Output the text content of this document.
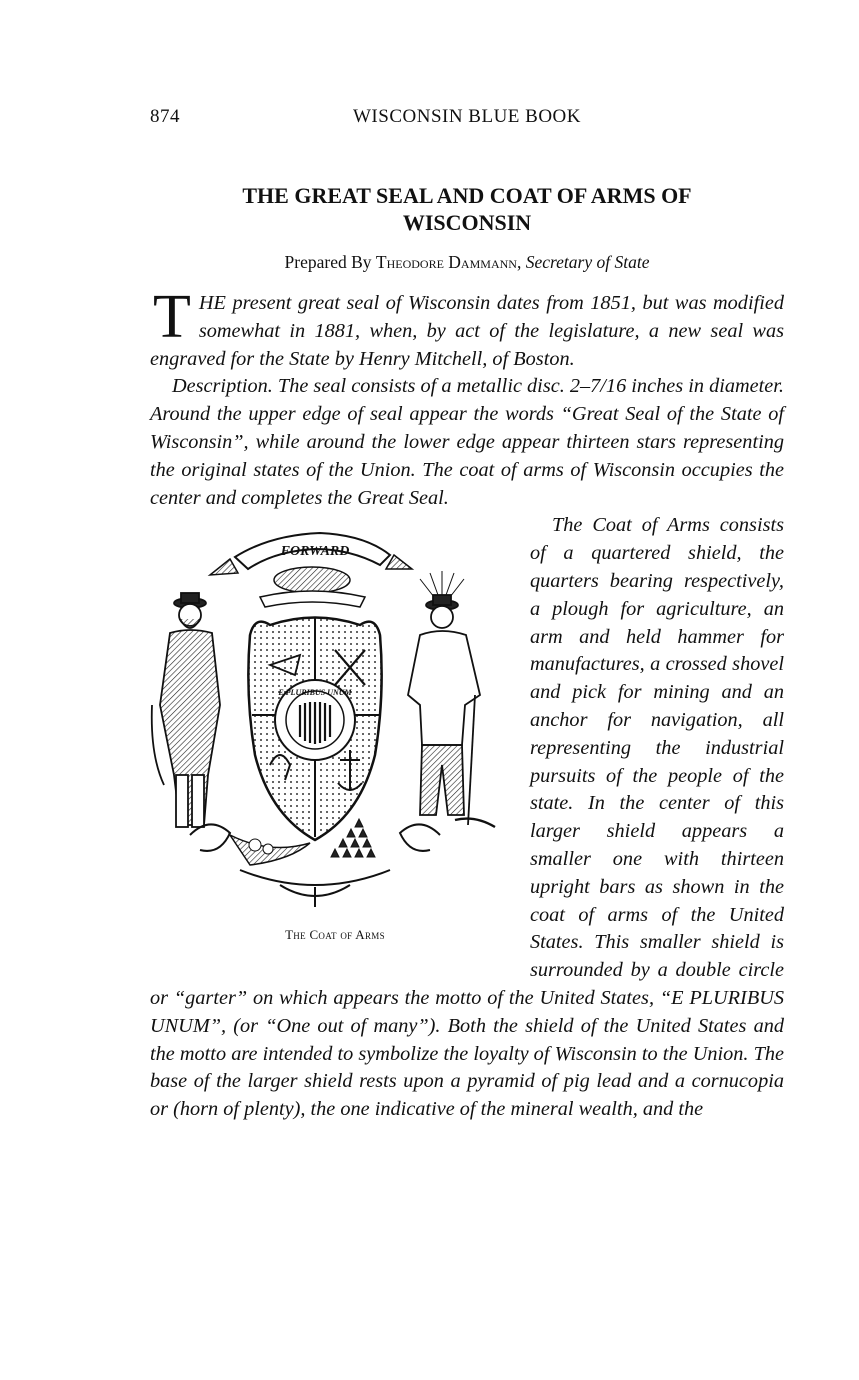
874	WISCONSIN BLUE BOOK
THE GREAT SEAL AND COAT OF ARMS OF
WISCONSIN

Prepared By Theodore Dammann, Secretary of State

THE present great seal of Wisconsin dates from 1851, but was modified somewhat in 1881, when, by act of the legislature, a new seal was engraved for the State by Henry Mitchell, of Boston.

Description. The seal consists of a metallic disc. 2–7/16 inches in diameter. Around the upper edge of seal appear the words “Great Seal of the State of Wisconsin”, while around the lower edge appear thirteen stars representing the original states of the Union. The coat of arms of Wisconsin occupies the center and completes the Great Seal.

FORWARD
E PLURIBUS UNUM
The Coat of Arms

The Coat of Arms consists of a quartered shield, the quarters bearing respectively, a plough for agriculture, an arm and held hammer for manufactures, a crossed shovel and pick for mining and an anchor for navigation, all representing the industrial pursuits of the people of the state. In the center of this larger shield appears a smaller one with thirteen upright bars as shown in the coat of arms of the United States. This smaller shield is surrounded by a double circle or “garter” on which appears the motto of the United States, “E PLURIBUS UNUM”, (or “One out of many”). Both the shield of the United States and the motto are intended to symbolize the loyalty of Wisconsin to the Union. The base of the larger shield rests upon a pyramid of pig lead and a cornucopia or (horn of plenty), the one indicative of the mineral wealth, and the
